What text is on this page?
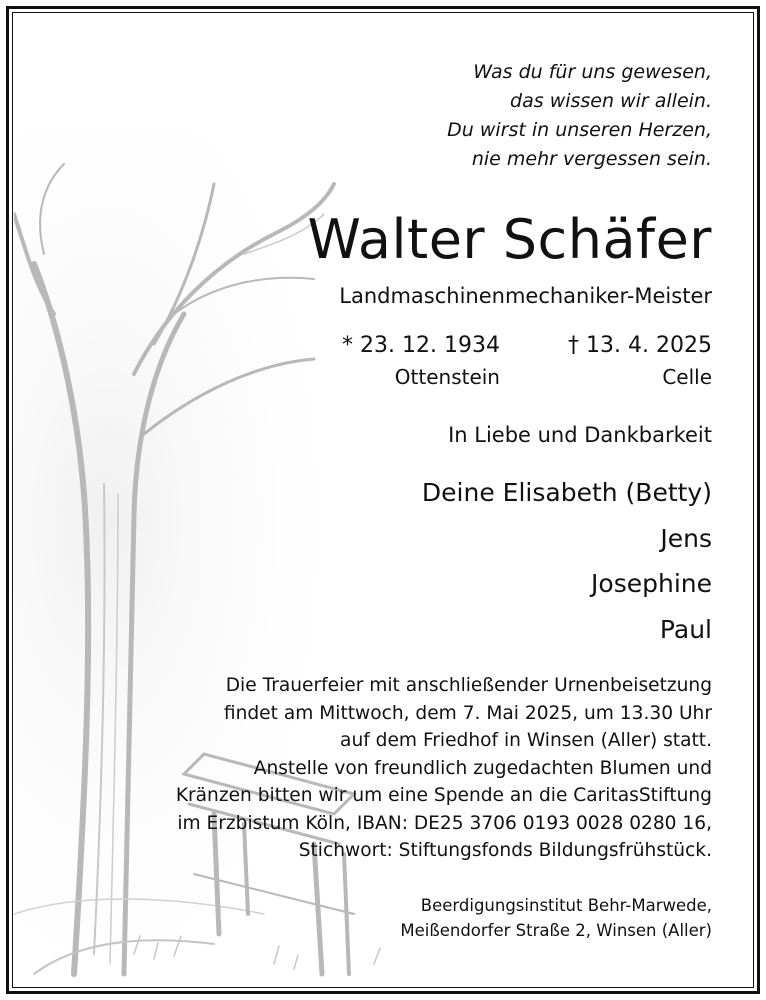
Was du für uns gewesen,
das wissen wir allein.
Du wirst in unseren Herzen,
nie mehr vergessen sein.
Walter Schäfer
Landmaschinenmechaniker-Meister
* 23. 12. 1934
Ottenstein
† 13. 4. 2025
Celle
In Liebe und Dankbarkeit
Deine Elisabeth (Betty)
Jens
Josephine
Paul
Die Trauerfeier mit anschließender Urnenbeisetzung
findet am Mittwoch, dem 7. Mai 2025, um 13.30 Uhr
auf dem Friedhof in Winsen (Aller) statt.
Anstelle von freundlich zugedachten Blumen und
Kränzen bitten wir um eine Spende an die CaritasStiftung
im Erzbistum Köln, IBAN: DE25 3706 0193 0028 0280 16,
Stichwort: Stiftungsfonds Bildungsfrühstück.
Beerdigungsinstitut Behr-Marwede,
Meißendorfer Straße 2, Winsen (Aller)
